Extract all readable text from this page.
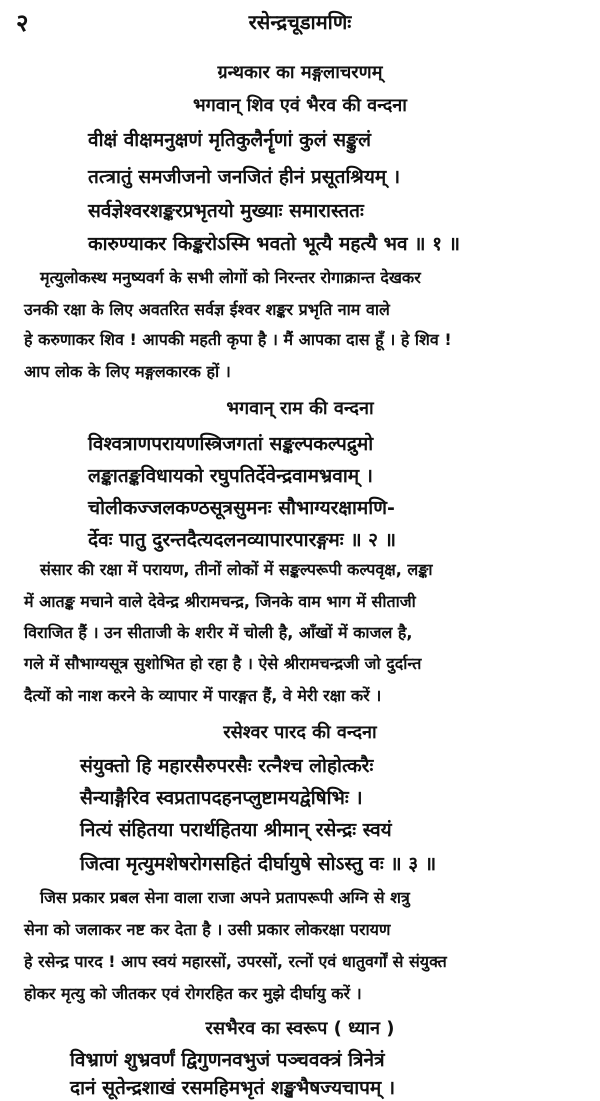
२	रसेन्द्रचूडामणिः
ग्रन्थकार का मङ्गलाचरणम्
भगवान् शिव एवं भैरव की वन्दना
वीक्षं वीक्षमनुक्षणं मृतिकुलैर्नॄणां कुलं सङ्कुलं
तत्त्रातुं समजीजनो जनजितं हीनं प्रसूतश्रियम् ।
सर्वज्ञेश्वरशङ्करप्रभृतयो मुख्याः समारास्ततः
कारुण्याकर किङ्करोऽस्मि भवतो भूत्यै महत्यै भव ॥ १ ॥
मृत्युलोकस्थ मनुष्यवर्ग के सभी लोगों को निरन्तर रोगाक्रान्त देखकर
उनकी रक्षा के लिए अवतरित सर्वज्ञ ईश्वर शङ्कर प्रभृति नाम वाले
हे करुणाकर शिव ! आपकी महती कृपा है । मैं आपका दास हूँ । हे शिव !
आप लोक के लिए मङ्गलकारक हों ।
भगवान् राम की वन्दना
विश्वत्राणपरायणस्त्रिजगतां सङ्कल्पकल्पद्रुमो
लङ्कातङ्कविधायको रघुपतिर्देवेन्द्रवामभ्रवाम् ।
चोलीकज्जलकण्ठसूत्रसुमनः सौभाग्यरक्षामणि-
र्देवः पातु दुरन्तदैत्यदलनव्यापारपारङ्गमः ॥ २ ॥
संसार की रक्षा में परायण, तीनों लोकों में सङ्कल्परूपी कल्पवृक्ष, लङ्का
में आतङ्क मचाने वाले देवेन्द्र श्रीरामचन्द्र, जिनके वाम भाग में सीताजी
विराजित हैं । उन सीताजी के शरीर में चोली है, आँखों में काजल है,
गले में सौभाग्यसूत्र सुशोभित हो रहा है । ऐसे श्रीरामचन्द्रजी जो दुर्दान्त
दैत्यों को नाश करने के व्यापार में पारङ्गत हैं, वे मेरी रक्षा करें ।
रसेश्वर पारद की वन्दना
संयुक्तो हि महारसैरुपरसैः रत्नैश्च लोहोत्करैः
सैन्याङ्गैरिव स्वप्रतापदहनप्लुष्टामयद्वेषिभिः ।
नित्यं संहितया परार्थहितया श्रीमान् रसेन्द्रः स्वयं
जित्वा मृत्युमशेषरोगसहितं दीर्घायुषे सोऽस्तु वः ॥ ३ ॥
जिस प्रकार प्रबल सेना वाला राजा अपने प्रतापरूपी अग्नि से शत्रु
सेना को जलाकर नष्ट कर देता है । उसी प्रकार लोकरक्षा परायण
हे रसेन्द्र पारद ! आप स्वयं महारसों, उपरसों, रत्नों एवं धातुवर्गों से संयुक्त
होकर मृत्यु को जीतकर एवं रोगरहित कर मुझे दीर्घायु करें ।
रसभैरव का स्वरूप ( ध्यान )
विभ्राणं शुभ्रवर्णं द्विगुणनवभुजं पञ्चवक्त्रं त्रिनेत्रं
दानं सूतेन्द्रशाखं रसमहिमभृतं शङ्खभैषज्यचापम् ।
